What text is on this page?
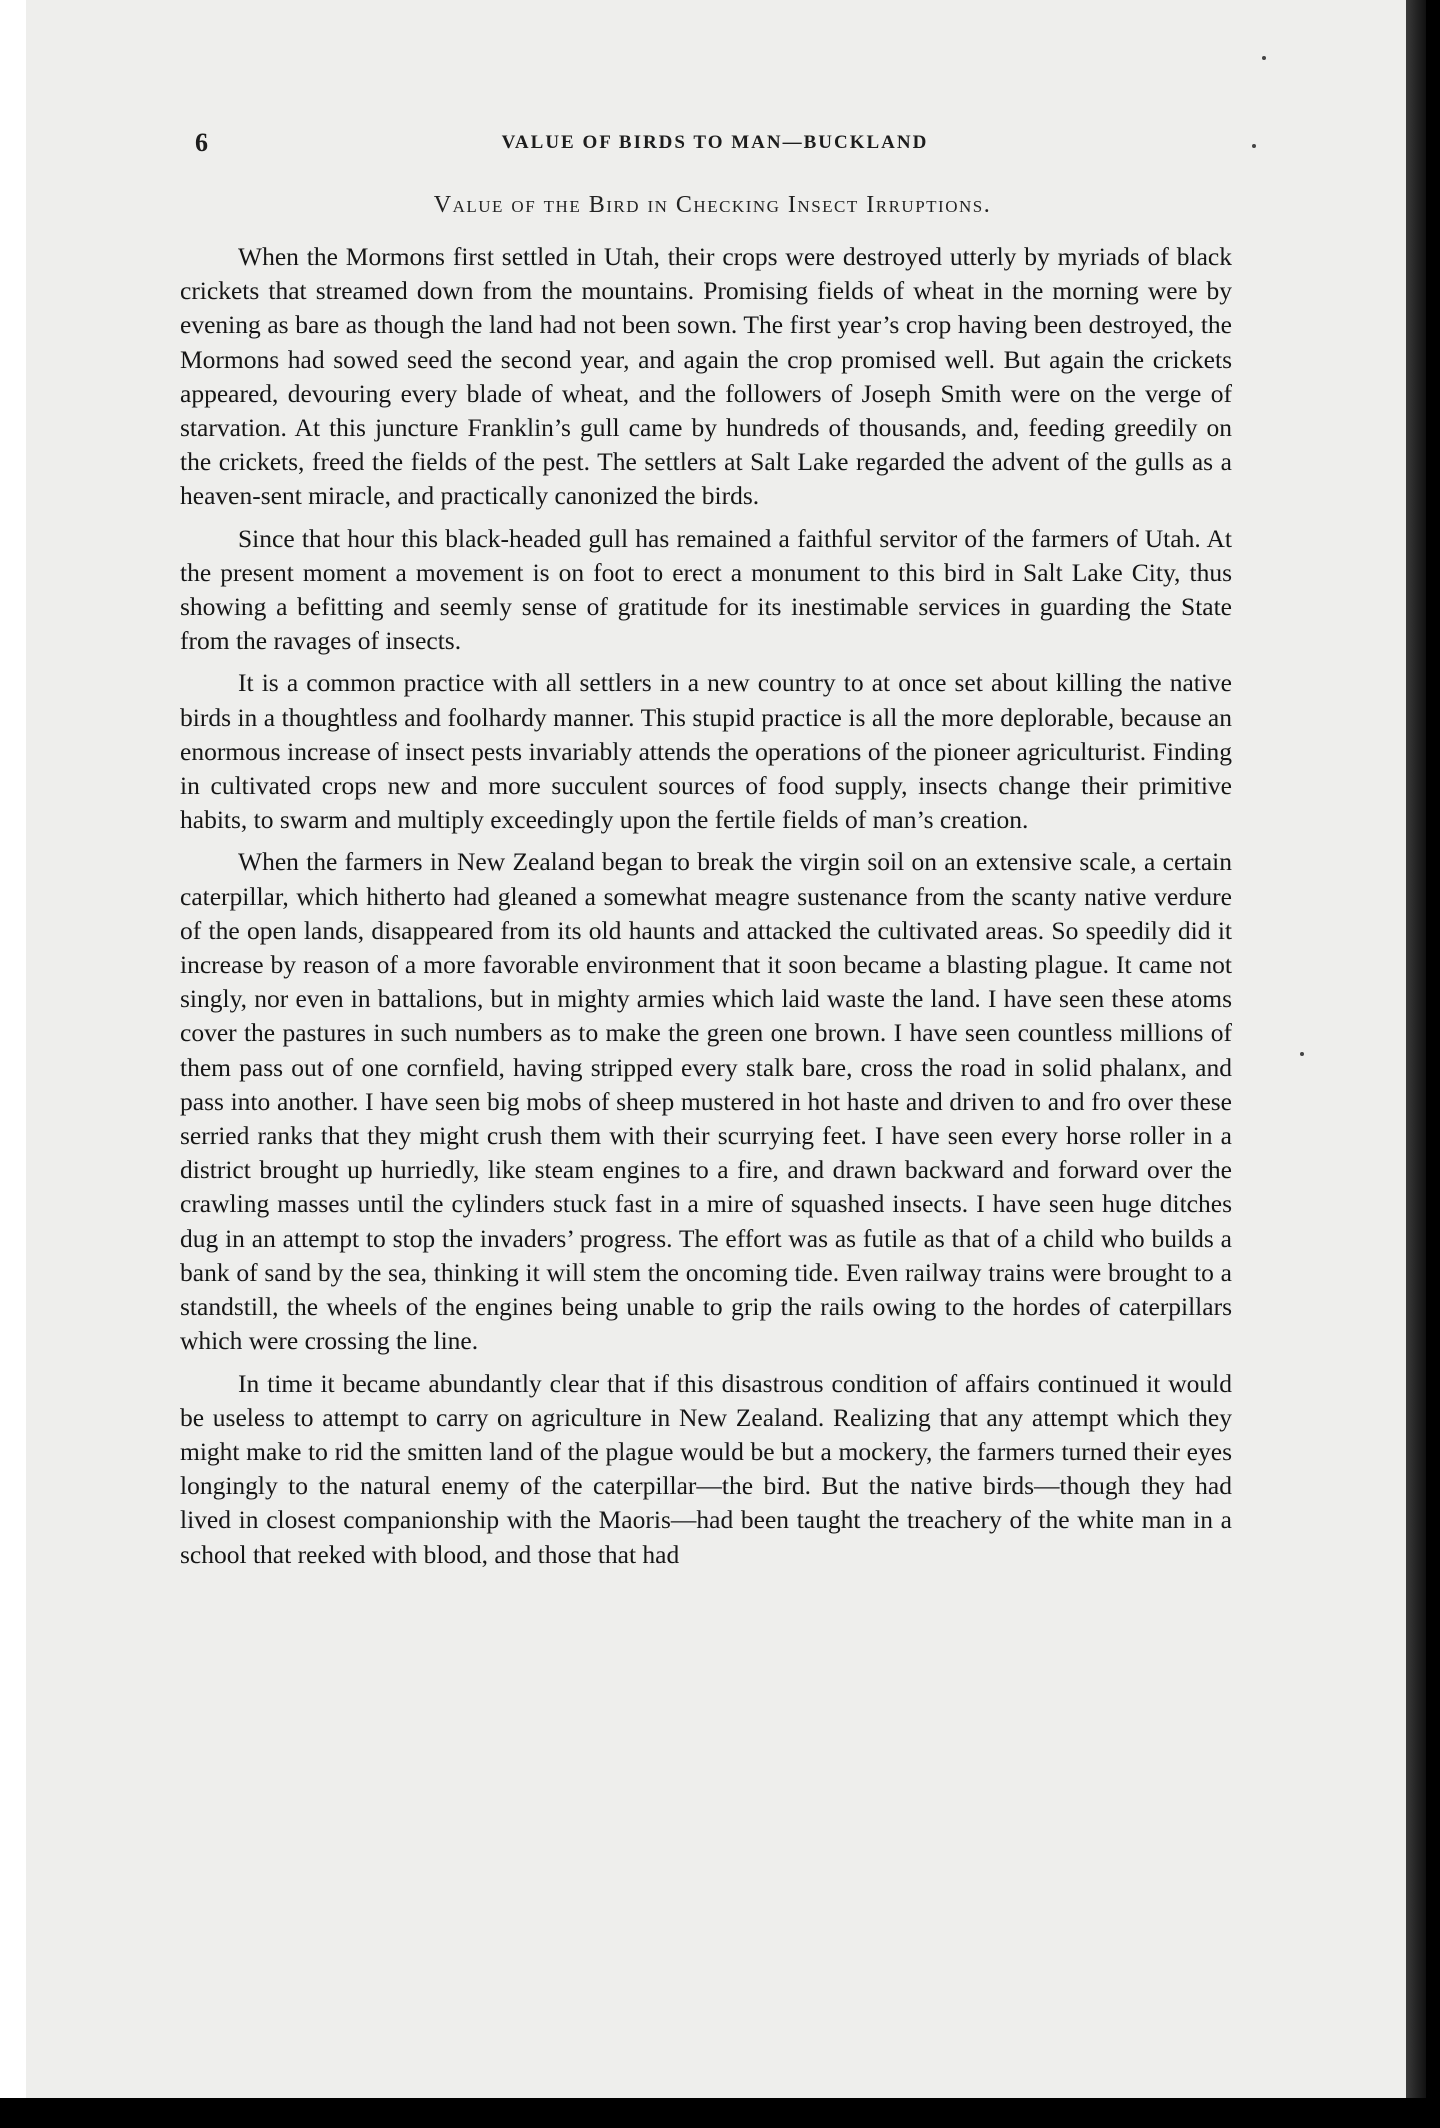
6	VALUE OF BIRDS TO MAN—BUCKLAND
Value of the Bird in Checking Insect Irruptions.

When the Mormons first settled in Utah, their crops were destroyed utterly by myriads of black crickets that streamed down from the mountains. Promising fields of wheat in the morning were by evening as bare as though the land had not been sown. The first year’s crop having been destroyed, the Mormons had sowed seed the second year, and again the crop promised well. But again the crickets appeared, devouring every blade of wheat, and the followers of Joseph Smith were on the verge of starvation. At this juncture Franklin’s gull came by hundreds of thousands, and, feeding greedily on the crickets, freed the fields of the pest. The settlers at Salt Lake regarded the advent of the gulls as a heaven-sent miracle, and practically canonized the birds.

Since that hour this black-headed gull has remained a faithful servitor of the farmers of Utah. At the present moment a movement is on foot to erect a monument to this bird in Salt Lake City, thus showing a befitting and seemly sense of gratitude for its inestimable services in guarding the State from the ravages of insects.

It is a common practice with all settlers in a new country to at once set about killing the native birds in a thoughtless and foolhardy manner. This stupid practice is all the more deplorable, because an enormous increase of insect pests invariably attends the operations of the pioneer agriculturist. Finding in cultivated crops new and more succulent sources of food supply, insects change their primitive habits, to swarm and multiply exceedingly upon the fertile fields of man’s creation.

When the farmers in New Zealand began to break the virgin soil on an extensive scale, a certain caterpillar, which hitherto had gleaned a somewhat meagre sustenance from the scanty native verdure of the open lands, disappeared from its old haunts and attacked the cultivated areas. So speedily did it increase by reason of a more favorable environment that it soon became a blasting plague. It came not singly, nor even in battalions, but in mighty armies which laid waste the land. I have seen these atoms cover the pastures in such numbers as to make the green one brown. I have seen countless millions of them pass out of one cornfield, having stripped every stalk bare, cross the road in solid phalanx, and pass into another. I have seen big mobs of sheep mustered in hot haste and driven to and fro over these serried ranks that they might crush them with their scurrying feet. I have seen every horse roller in a district brought up hurriedly, like steam engines to a fire, and drawn backward and forward over the crawling masses until the cylinders stuck fast in a mire of squashed insects. I have seen huge ditches dug in an attempt to stop the invaders’ progress. The effort was as futile as that of a child who builds a bank of sand by the sea, thinking it will stem the oncoming tide. Even railway trains were brought to a standstill, the wheels of the engines being unable to grip the rails owing to the hordes of caterpillars which were crossing the line.

In time it became abundantly clear that if this disastrous condition of affairs continued it would be useless to attempt to carry on agriculture in New Zealand. Realizing that any attempt which they might make to rid the smitten land of the plague would be but a mockery, the farmers turned their eyes longingly to the natural enemy of the caterpillar—the bird. But the native birds—though they had lived in closest companionship with the Maoris—had been taught the treachery of the white man in a school that reeked with blood, and those that had
